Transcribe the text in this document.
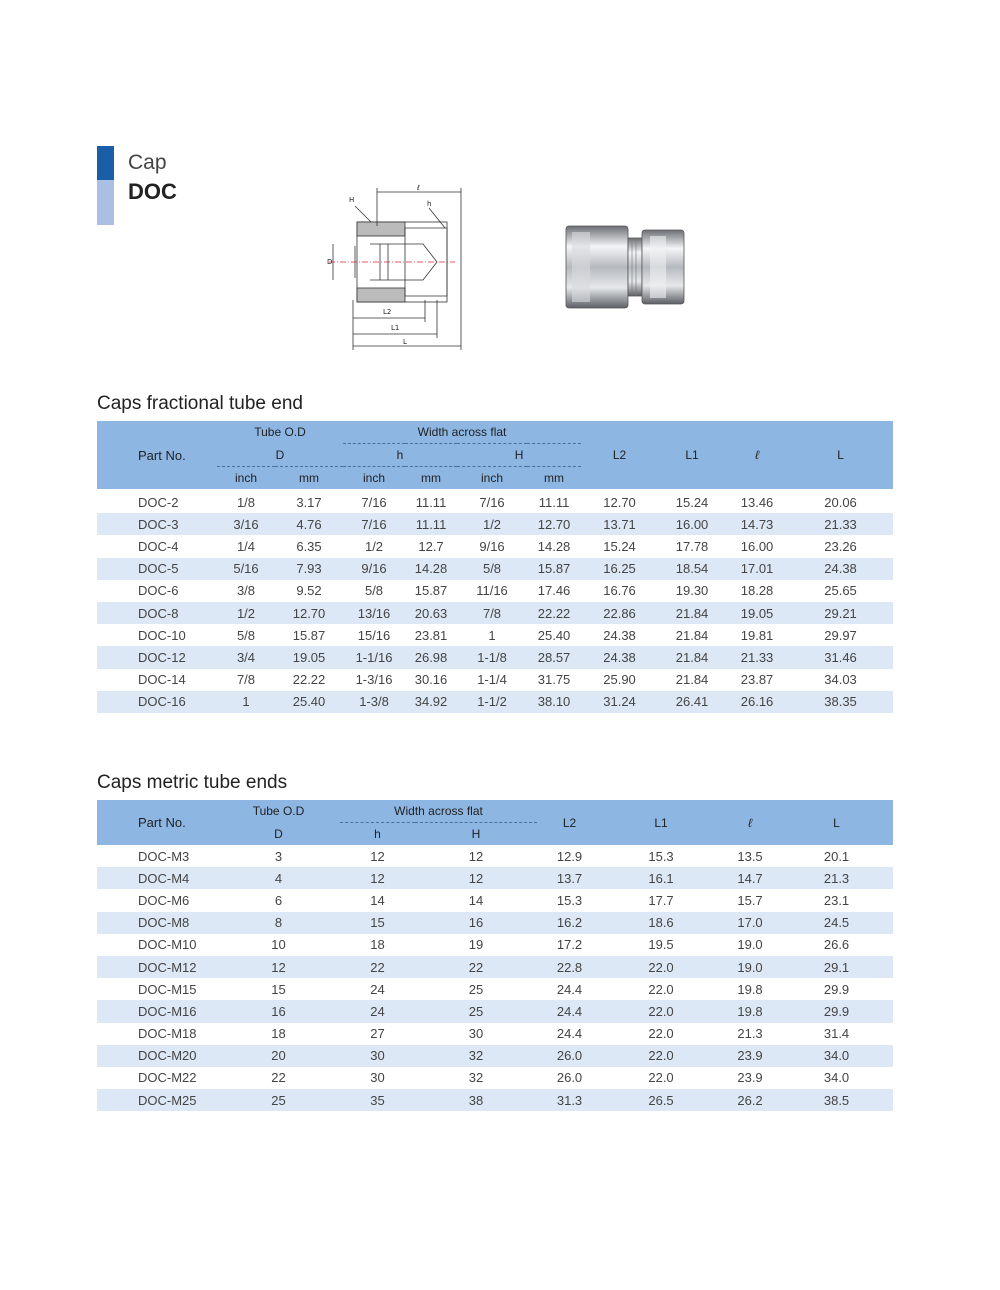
Cap
DOC	H
ℓ
h
D
L2
L1
L
Caps fractional tube end
Part No.	Tube O.D		Width across flat				L2	L1	ℓ	L
	D		h		H					
	inch	mm	inch	mm	inch	mm				
DOC-2	1/8	3.17	7/16	11.11	7/16	11.11	12.70	15.24	13.46	20.06
DOC-3	3/16	4.76	7/16	11.11	1/2	12.70	13.71	16.00	14.73	21.33
DOC-4	1/4	6.35	1/2	12.7	9/16	14.28	15.24	17.78	16.00	23.26
DOC-5	5/16	7.93	9/16	14.28	5/8	15.87	16.25	18.54	17.01	24.38
DOC-6	3/8	9.52	5/8	15.87	11/16	17.46	16.76	19.30	18.28	25.65
DOC-8	1/2	12.70	13/16	20.63	7/8	22.22	22.86	21.84	19.05	29.21
DOC-10	5/8	15.87	15/16	23.81	1	25.40	24.38	21.84	19.81	29.97
DOC-12	3/4	19.05	1-1/16	26.98	1-1/8	28.57	24.38	21.84	21.33	31.46
DOC-14	7/8	22.22	1-3/16	30.16	1-1/4	31.75	25.90	21.84	23.87	34.03
DOC-16	1	25.40	1-3/8	34.92	1-1/2	38.10	31.24	26.41	26.16	38.35
Caps metric tube ends
Part No.	Tube O.D	Width across flat		L2	L1	ℓ	L
	D	h	H				
DOC-M3	3	12	12	12.9	15.3	13.5	20.1
DOC-M4	4	12	12	13.7	16.1	14.7	21.3
DOC-M6	6	14	14	15.3	17.7	15.7	23.1
DOC-M8	8	15	16	16.2	18.6	17.0	24.5
DOC-M10	10	18	19	17.2	19.5	19.0	26.6
DOC-M12	12	22	22	22.8	22.0	19.0	29.1
DOC-M15	15	24	25	24.4	22.0	19.8	29.9
DOC-M16	16	24	25	24.4	22.0	19.8	29.9
DOC-M18	18	27	30	24.4	22.0	21.3	31.4
DOC-M20	20	30	32	26.0	22.0	23.9	34.0
DOC-M22	22	30	32	26.0	22.0	23.9	34.0
DOC-M25	25	35	38	31.3	26.5	26.2	38.5
